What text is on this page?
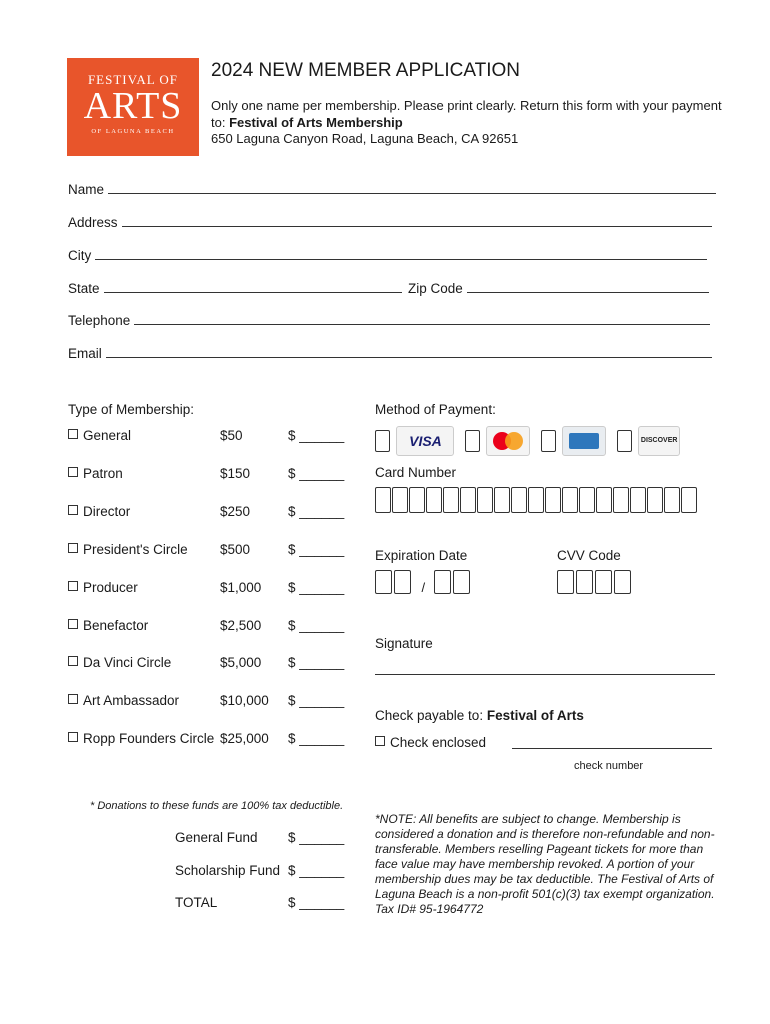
FESTIVAL OF
ARTS
OF LAGUNA BEACH
2024 NEW MEMBER APPLICATION
Only one name per membership. Please print clearly. Return this form with your payment to: Festival of Arts Membership
650 Laguna Canyon Road, Laguna Beach, CA 92651
Name
Address
City
State	Zip Code
Telephone
Email
Type of Membership:
General	$50	$ ______
Patron	$150	$ ______
Director	$250	$ ______
President's Circle $500	$ ______
Producer	$1,000 $ ______
Benefactor	$2,500 $ ______
Da Vinci Circle	$5,000 $ ______
Art Ambassador	$10,000 $ ______
Ropp Founders Circle $25,000 $ ______
* Donations to these funds are 100% tax deductible.
General Fund $ ______
Scholarship Fund $ ______
TOTAL	$ ______
Method of Payment:
VISA
	DISCOVER
Card Number
Expiration Date	CVV Code
$_/$
Signature
Check payable to: Festival of Arts
Check enclosed
check number
*NOTE: All benefits are subject to change. Membership is considered a donation and is therefore non-refundable and non-transferable. Members reselling Pageant tickets for more than face value may have membership revoked. A portion of your membership dues may be tax deductible. The Festival of Arts of Laguna Beach is a non-profit 501(c)(3) tax exempt organization. Tax ID# 95-1964772
